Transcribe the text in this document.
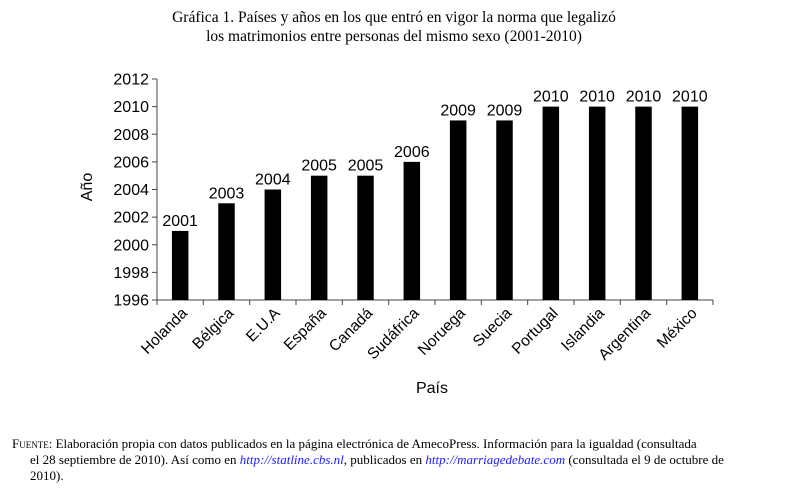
Gráfica 1. Países y años en los que entró en vigor la norma que legalizó
los matrimonios entre personas del mismo sexo (2001-2010)
1996
1998
2000
2002
2004
2006
2008
2010
2012
2001
Holanda
2003
Bélgica
2004
E.U.A
2005
España
2005
Canadá
2006
Sudáfrica
2009
Noruega
2009
Suecia
2010
Portugal
2010
Islandia
2010
Argentina
2010
México
Año
País
Fuente: Elaboración propia con datos publicados en la página electrónica de AmecoPress. Información para la igualdad (consultada
el 28 septiembre de 2010). Así como en http://statline.cbs.nl, publicados en http://marriagedebate.com (consultada el 9 de octubre de
2010).
